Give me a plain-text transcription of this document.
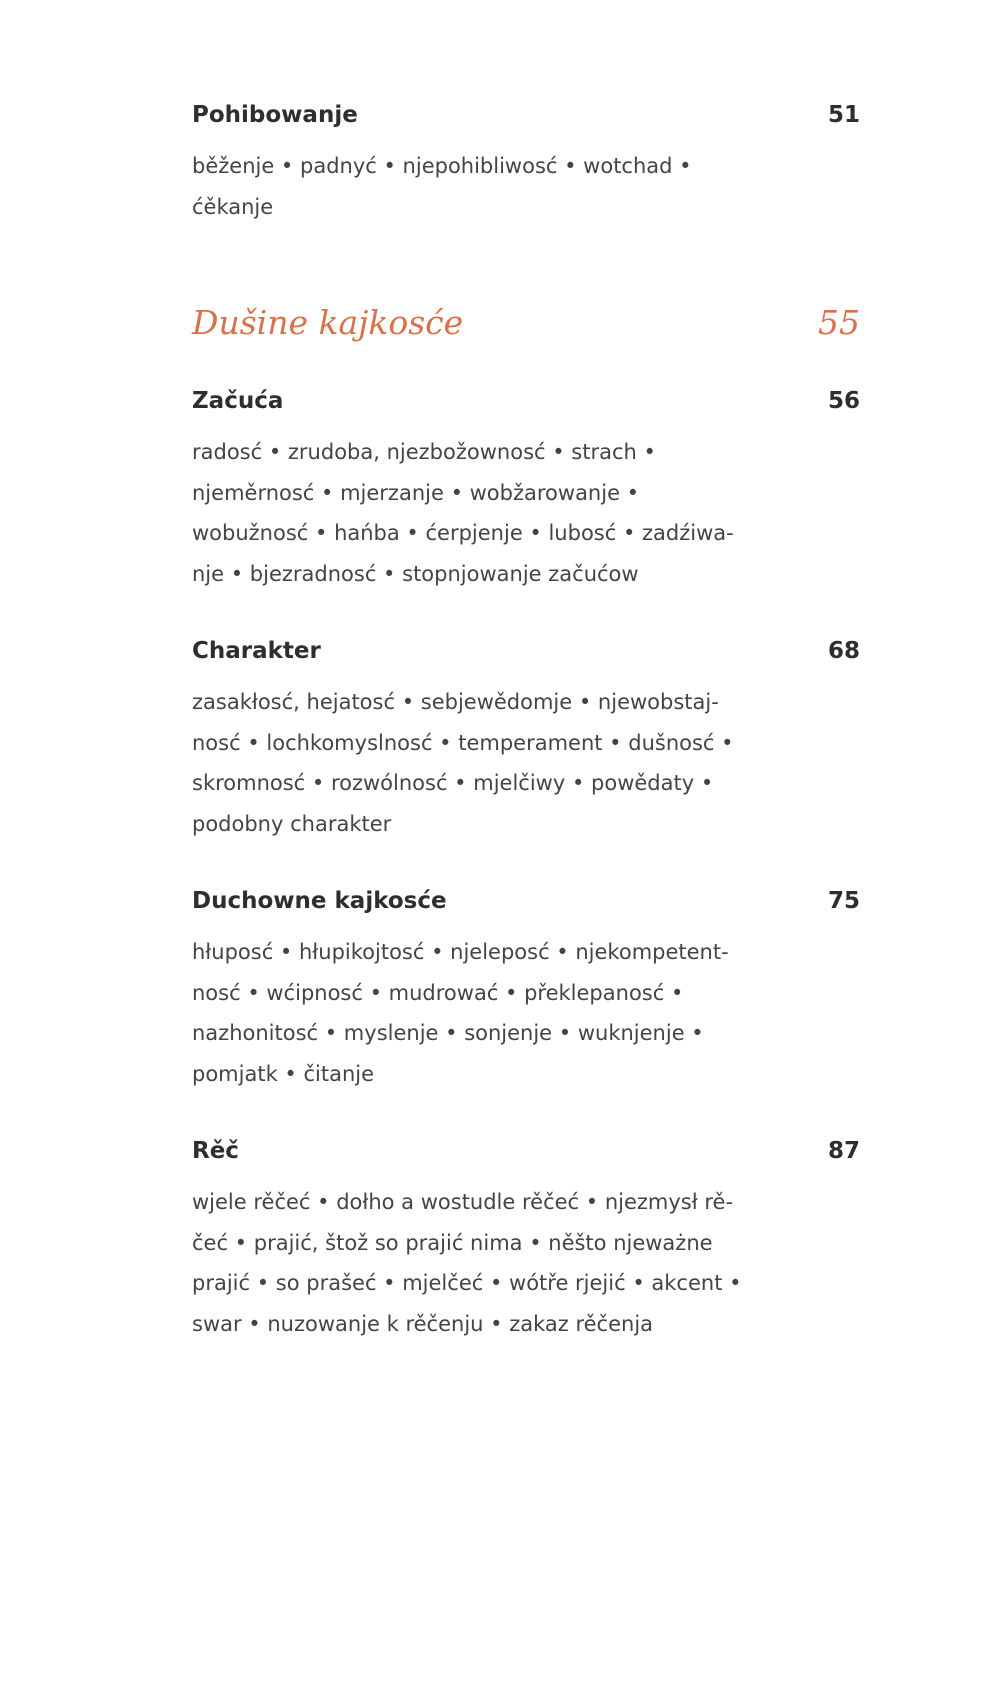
Pohibowanje	51
běženje • padnyć • njepohibliwosć • wotchad •
ćěkanje
Dušine kajkosće	55
Začuća	56
radosć • zrudoba, njezbožownosć • strach •
njeměrnosć • mjerzanje • wobžarowanje •
wobužnosć • hańba • ćerpjenje • lubosć • zadźiwa-
nje • bjezradnosć • stopnjowanje začućow
Charakter	68
zasakłosć, hejatosć • sebjewědomje • njewobstaj-
nosć • lochkomyslnosć • temperament • dušnosć •
skromnosć • rozwólnosć • mjelčiwy • powědaty •
podobny charakter
Duchowne kajkosće	75
hłuposć • hłupikojtosć • njeleposć • njekompetent-
nosć • wćipnosć • mudrować • překlepanosć •
nazhonitosć • myslenje • sonjenje • wuknjenje •
pomjatk • čitanje
Rěč	87
wjele rěčeć • dołho a wostudle rěčeć • njezmysł rě-
čeć • prajić, štož so prajić nima • něšto njeważne
prajić • so prašeć • mjelčeć • wótře rjejić • akcent •
swar • nuzowanje k rěčenju • zakaz rěčenja
